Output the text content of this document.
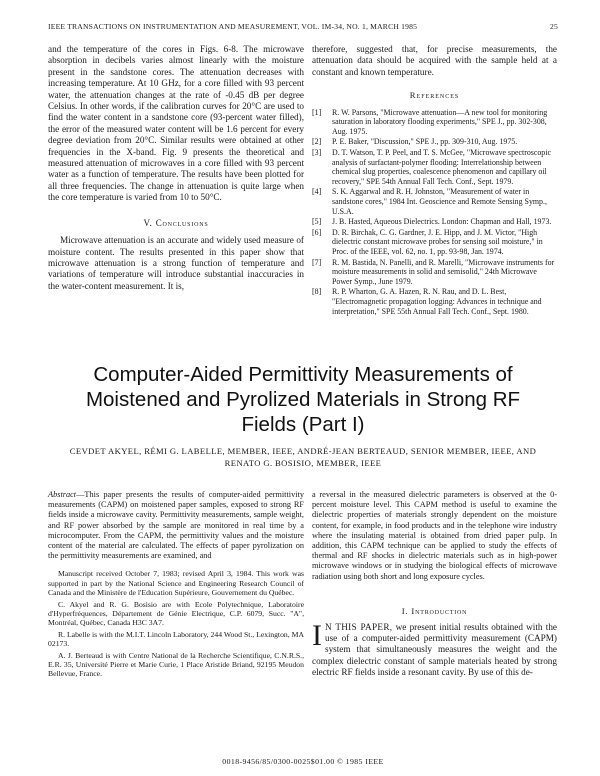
IEEE TRANSACTIONS ON INSTRUMENTATION AND MEASUREMENT, VOL. IM-34, NO. 1, MARCH 1985	25

and the temperature of the cores in Figs. 6-8. The microwave absorption in decibels varies almost linearly with the moisture present in the sandstone cores. The attenuation decreases with increasing temperature. At 10 GHz, for a core filled with 93 percent water, the attenuation changes at the rate of -0.45 dB per degree Celsius. In other words, if the calibration curves for 20°C are used to find the water content in a sandstone core (93-percent water filled), the error of the measured water content will be 1.6 percent for every degree deviation from 20°C. Similar results were obtained at other frequencies in the X-band. Fig. 9 presents the theoretical and measured attenuation of microwaves in a core filled with 93 percent water as a function of temperature. The results have been plotted for all three frequencies. The change in attenuation is quite large when the core temperature is varied from 10 to 50°C.

V. Conclusions

Microwave attenuation is an accurate and widely used measure of moisture content. The results presented in this paper show that microwave attenuation is a strong function of temperature and variations of temperature will introduce substantial inaccuracies in the water-content measurement. It is,

therefore, suggested that, for precise measurements, the attenuation data should be acquired with the sample held at a constant and known temperature.

References
[1]	R. W. Parsons, "Microwave attenuation—A new tool for monitoring saturation in laboratory flooding experiments," SPE J., pp. 302-308, Aug. 1975.
[2]	P. E. Baker, "Discussion," SPE J., pp. 309-310, Aug. 1975.
[3]	D. T. Watson, T. P. Peel, and T. S. McGee, "Microwave spectroscopic analysis of surfactant-polymer flooding: Interrelationship between chemical slug properties, coalescence phenomenon and capillary oil recovery," SPE 54th Annual Fall Tech. Conf., Sept. 1979.
[4]	S. K. Aggarwal and R. H. Johnston, "Measurement of water in sandstone cores," 1984 Int. Geoscience and Remote Sensing Symp., U.S.A.
[5]	J. B. Hasted, Aqueous Dielectrics. London: Chapman and Hall, 1973.
[6]	D. R. Birchak, C. G. Gardner, J. E. Hipp, and J. M. Victor, "High dielectric constant microwave probes for sensing soil moisture," in Proc. of the IEEE, vol. 62, no. 1, pp. 93-98, Jan. 1974.
[7]	R. M. Bastida, N. Panelli, and R. Marelli, "Microwave instruments for moisture measurements in solid and semisolid," 24th Microwave Power Symp., June 1979.
[8]	R. P. Wharton, G. A. Hazen, R. N. Rau, and D. L. Best, "Electromagnetic propagation logging: Advances in technique and interpretation," SPE 55th Annual Fall Tech. Conf., Sept. 1980.
Computer-Aided Permittivity Measurements of
Moistened and Pyrolized Materials in Strong RF
Fields (Part I)
CEVDET AKYEL, RÉMI G. LABELLE, MEMBER, IEEE, ANDRÉ-JEAN BERTEAUD, SENIOR MEMBER, IEEE, AND
RENATO G. BOSISIO, MEMBER, IEEE

Abstract—This paper presents the results of computer-aided permittivity measurements (CAPM) on moistened paper samples, exposed to strong RF fields inside a microwave cavity. Permittivity measurements, sample weight, and RF power absorbed by the sample are monitored in real time by a microcomputer. From the CAPM, the permittivity values and the moisture content of the material are calculated. The effects of paper pyrolization on the permittivity measurements are examined, and

Manuscript received October 7, 1983; revised April 3, 1984. This work was supported in part by the National Science and Engineering Research Council of Canada and the Ministère de l'Education Supérieure, Gouvernement du Québec.

C. Akyel and R. G. Bosisio are with Ecole Polytechnique, Laboratoire d'Hyperfréquences, Département de Génie Electrique, C.P. 6079, Succ. "A", Montréal, Québec, Canada H3C 3A7.

R. Labelle is with the M.I.T. Lincoln Laboratory, 244 Wood St., Lexington, MA 02173.

A. J. Berteaud is with Centre National de la Recherche Scientifique, C.N.R.S., E.R. 35, Université Pierre et Marie Curie, 1 Place Aristide Briand, 92195 Meudon Bellevue, France.

a reversal in the measured dielectric parameters is observed at the 0-percent moisture level. This CAPM method is useful to examine the dielectric properties of materials strongly dependent on the moisture content, for example, in food products and in the telephone wire industry where the insulating material is obtained from dried paper pulp. In addition, this CAPM technique can be applied to study the effects of thermal and RF shocks in dielectric materials such as in high-power microwave windows or in studying the biological effects of microwave radiation using both short and long exposure cycles.

I. Introduction

I N THIS PAPER, we present initial results obtained with the use of a computer-aided permittivity measurement (CAPM) system that simultaneously measures the weight and the complex dielectric constant of sample materials heated by strong electric RF fields inside a resonant cavity. By use of this de-

0018-9456/85/0300-0025$01.00 © 1985 IEEE
